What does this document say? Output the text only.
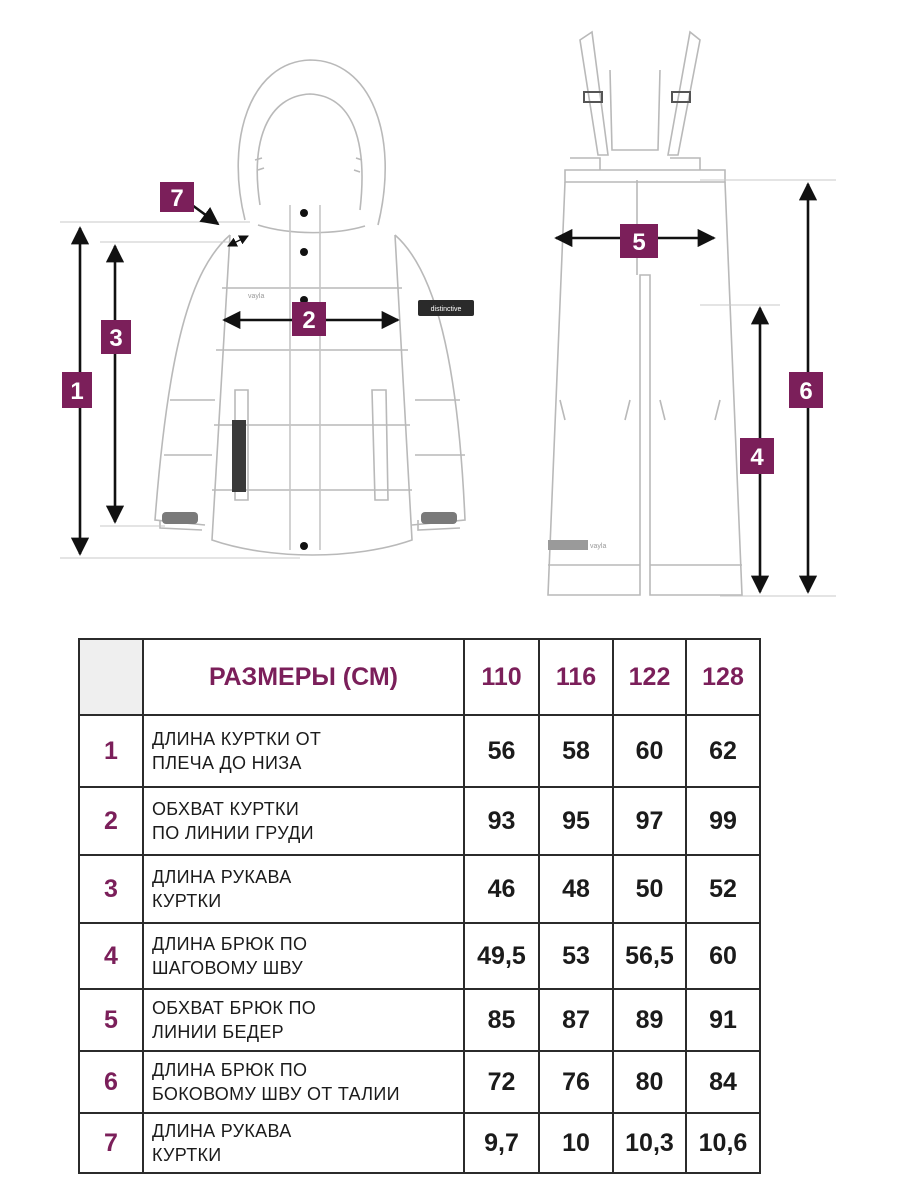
distinctive
vayla
vayla
1
2
3
4
5
6
7
	РАЗМЕРЫ (СМ)	110	116	122	128
1	ДЛИНА КУРТКИ ОТ
ПЛЕЧА ДО НИЗА	56	58	60	62
2	ОБХВАТ КУРТКИ
ПО ЛИНИИ ГРУДИ	93	95	97	99
3	ДЛИНА РУКАВА
КУРТКИ	46	48	50	52
4	ДЛИНА БРЮК ПО
ШАГОВОМУ ШВУ	49,5	53	56,5	60
5	ОБХВАТ БРЮК ПО
ЛИНИИ БЕДЕР	85	87	89	91
6	ДЛИНА БРЮК ПО
БОКОВОМУ ШВУ ОТ ТАЛИИ	72	76	80	84
7	ДЛИНА РУКАВА
КУРТКИ	9,7	10	10,3	10,6
